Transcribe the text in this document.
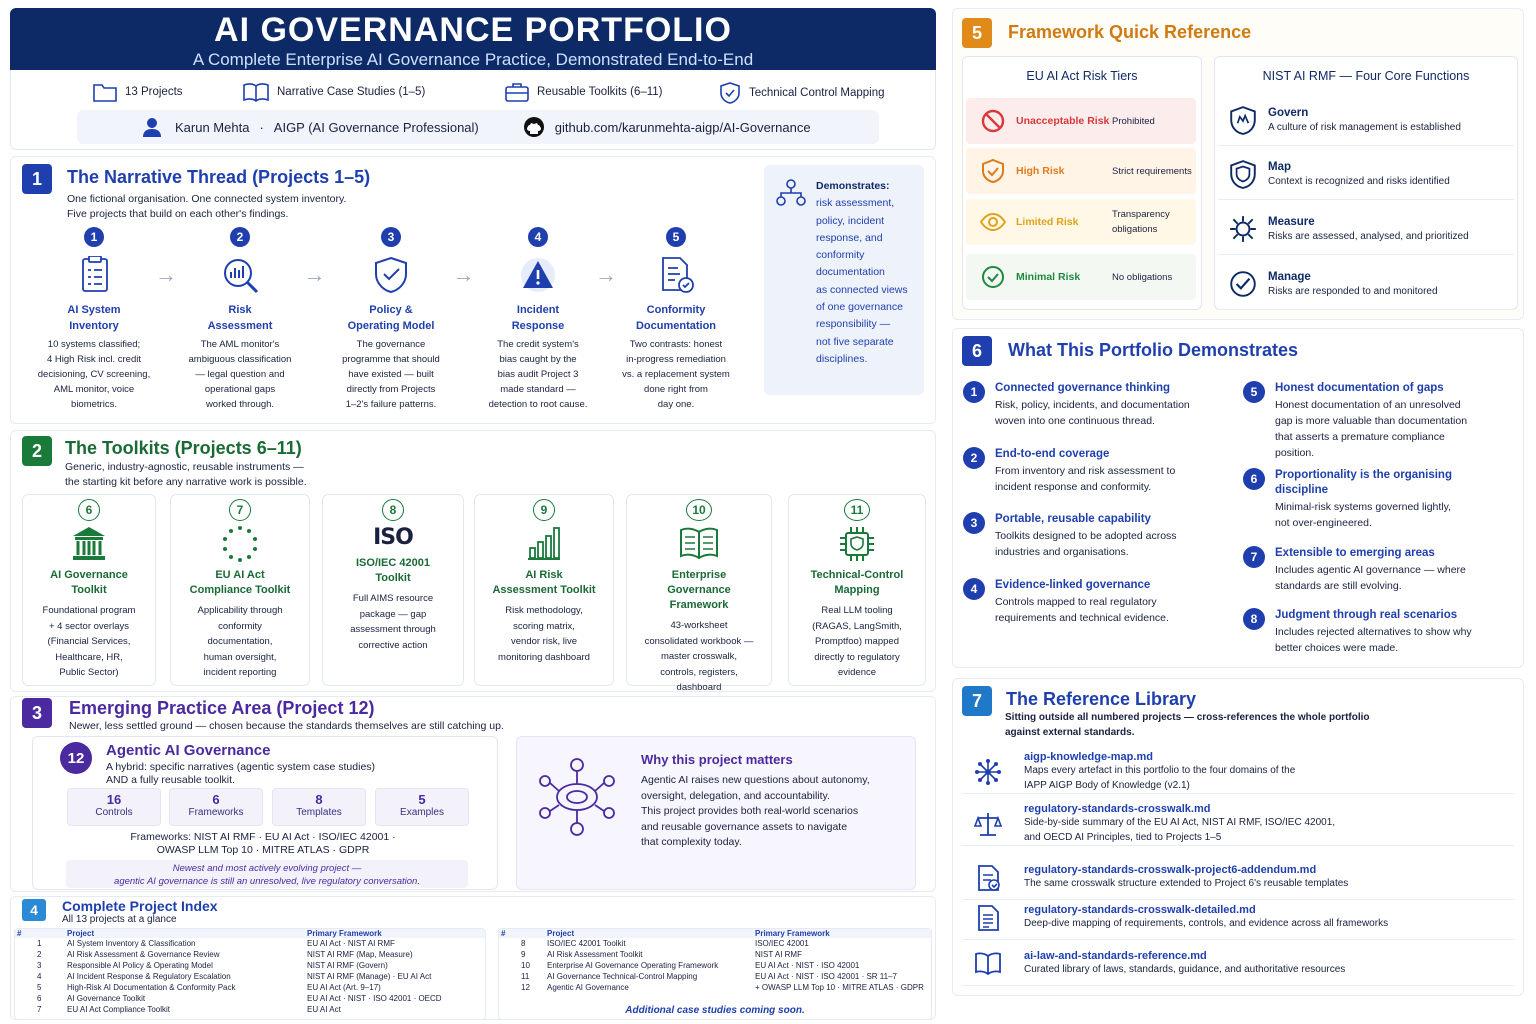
AI GOVERNANCE PORTFOLIO
A Complete Enterprise AI Governance Practice, Demonstrated End-to-End
13 Projects	Narrative Case Studies (1–5)	Reusable Toolkits (6–11)	Technical Control Mapping
Karun Mehta · AIGP (AI Governance Professional)	github.com/karunmehta-aigp/AI-Governance
1	The Narrative Thread (Projects 1–5)
One fictional organisation. One connected system inventory.
Five projects that build on each other's findings.
1
AI System
Inventory
10 systems classified;
4 High Risk incl. credit
decisioning, CV screening,
AML monitor, voice
biometrics.
→
2
Risk
Assessment
The AML monitor's
ambiguous classification
— legal question and
operational gaps
worked through.
→
3
Policy &
Operating Model
The governance
programme that should
have existed — built
directly from Projects
1–2's failure patterns.
→
4
Incident
Response
The credit system's
bias caught by the
bias audit Project 3
made standard —
detection to root cause.
→
5
Conformity
Documentation
Two contrasts: honest
in-progress remediation
vs. a replacement system
done right from
day one.
Demonstrates:
risk assessment,
policy, incident
response, and
conformity
documentation
as connected views
of one governance
responsibility —
not five separate
disciplines.
2	The Toolkits (Projects 6–11)
Generic, industry-agnostic, reusable instruments —
the starting kit before any narrative work is possible.
6
AI Governance
Toolkit
Foundational program
+ 4 sector overlays
(Financial Services,
Healthcare, HR,
Public Sector)
7
EU AI Act
Compliance Toolkit
Applicability through
conformity
documentation,
human oversight,
incident reporting
8
ISO
ISO/IEC 42001
Toolkit
Full AIMS resource
package — gap
assessment through
corrective action
9
AI Risk
Assessment Toolkit
Risk methodology,
scoring matrix,
vendor risk, live
monitoring dashboard
10
Enterprise
Governance
Framework
43-worksheet
consolidated workbook —
master crosswalk,
controls, registers,
dashboard
11
Technical-Control
Mapping
Real LLM tooling
(RAGAS, LangSmith,
Promptfoo) mapped
directly to regulatory
evidence
3	Emerging Practice Area (Project 12)
Newer, less settled ground — chosen because the standards themselves are still catching up.
12	Agentic AI Governance
A hybrid: specific narratives (agentic system case studies)
AND a fully reusable toolkit.
16
Controls
6
Frameworks
8
Templates
5
Examples
Frameworks: NIST AI RMF · EU AI Act · ISO/IEC 42001 ·
OWASP LLM Top 10 · MITRE ATLAS · GDPR
Newest and most actively evolving project —
agentic AI governance is still an unresolved, live regulatory conversation.
Why this project matters
Agentic AI raises new questions about autonomy,
oversight, delegation, and accountability.
This project provides both real-world scenarios
and reusable governance assets to navigate
that complexity today.
4	Complete Project Index
All 13 projects at a glance
#	Project	Primary Framework
1	AI System Inventory & Classification	EU AI Act · NIST AI RMF
2	AI Risk Assessment & Governance Review	NIST AI RMF (Map, Measure)
3	Responsible AI Policy & Operating Model	NIST AI RMF (Govern)
4	AI Incident Response & Regulatory Escalation	NIST AI RMF (Manage) · EU AI Act
5	High-Risk AI Documentation & Conformity Pack	EU AI Act (Art. 9–17)
6	AI Governance Toolkit	EU AI Act · NIST · ISO 42001 · OECD
7	EU AI Act Compliance Toolkit	EU AI Act
#	Project	Primary Framework
8	ISO/IEC 42001 Toolkit	ISO/IEC 42001
9	AI Risk Assessment Toolkit	NIST AI RMF
10	Enterprise AI Governance Operating Framework	EU AI Act · NIST · ISO 42001
11	AI Governance Technical-Control Mapping	EU AI Act · NIST · ISO 42001 · SR 11–7
12	Agentic AI Governance	+ OWASP LLM Top 10 · MITRE ATLAS · GDPR
Additional case studies coming soon.
5	Framework Quick Reference
EU AI Act Risk Tiers
Unacceptable Risk Prohibited
High Risk	Strict requirements
Limited Risk
Transparency
obligations
Minimal Risk	No obligations
NIST AI RMF — Four Core Functions
Govern
A culture of risk management is established
Map
Context is recognized and risks identified
Measure
Risks are assessed, analysed, and prioritized
Manage
Risks are responded to and monitored
6	What This Portfolio Demonstrates
1	Connected governance thinking
Risk, policy, incidents, and documentation
woven into one continuous thread.
2	End-to-end coverage
From inventory and risk assessment to
incident response and conformity.
3	Portable, reusable capability
Toolkits designed to be adopted across
industries and organisations.
4	Evidence-linked governance
Controls mapped to real regulatory
requirements and technical evidence.
5	Honest documentation of gaps
Honest documentation of an unresolved
gap is more valuable than documentation
that asserts a premature compliance
position.
6	Proportionality is the organising
discipline
Minimal-risk systems governed lightly,
not over-engineered.
7	Extensible to emerging areas
Includes agentic AI governance — where
standards are still evolving.
8	Judgment through real scenarios
Includes rejected alternatives to show why
better choices were made.
7	The Reference Library
Sitting outside all numbered projects — cross-references the whole portfolio
against external standards.
aigp-knowledge-map.md
Maps every artefact in this portfolio to the four domains of the
IAPP AIGP Body of Knowledge (v2.1)
regulatory-standards-crosswalk.md
Side-by-side summary of the EU AI Act, NIST AI RMF, ISO/IEC 42001,
and OECD AI Principles, tied to Projects 1–5
regulatory-standards-crosswalk-project6-addendum.md
The same crosswalk structure extended to Project 6's reusable templates
regulatory-standards-crosswalk-detailed.md
Deep-dive mapping of requirements, controls, and evidence across all frameworks
ai-law-and-standards-reference.md
Curated library of laws, standards, guidance, and authoritative resources
